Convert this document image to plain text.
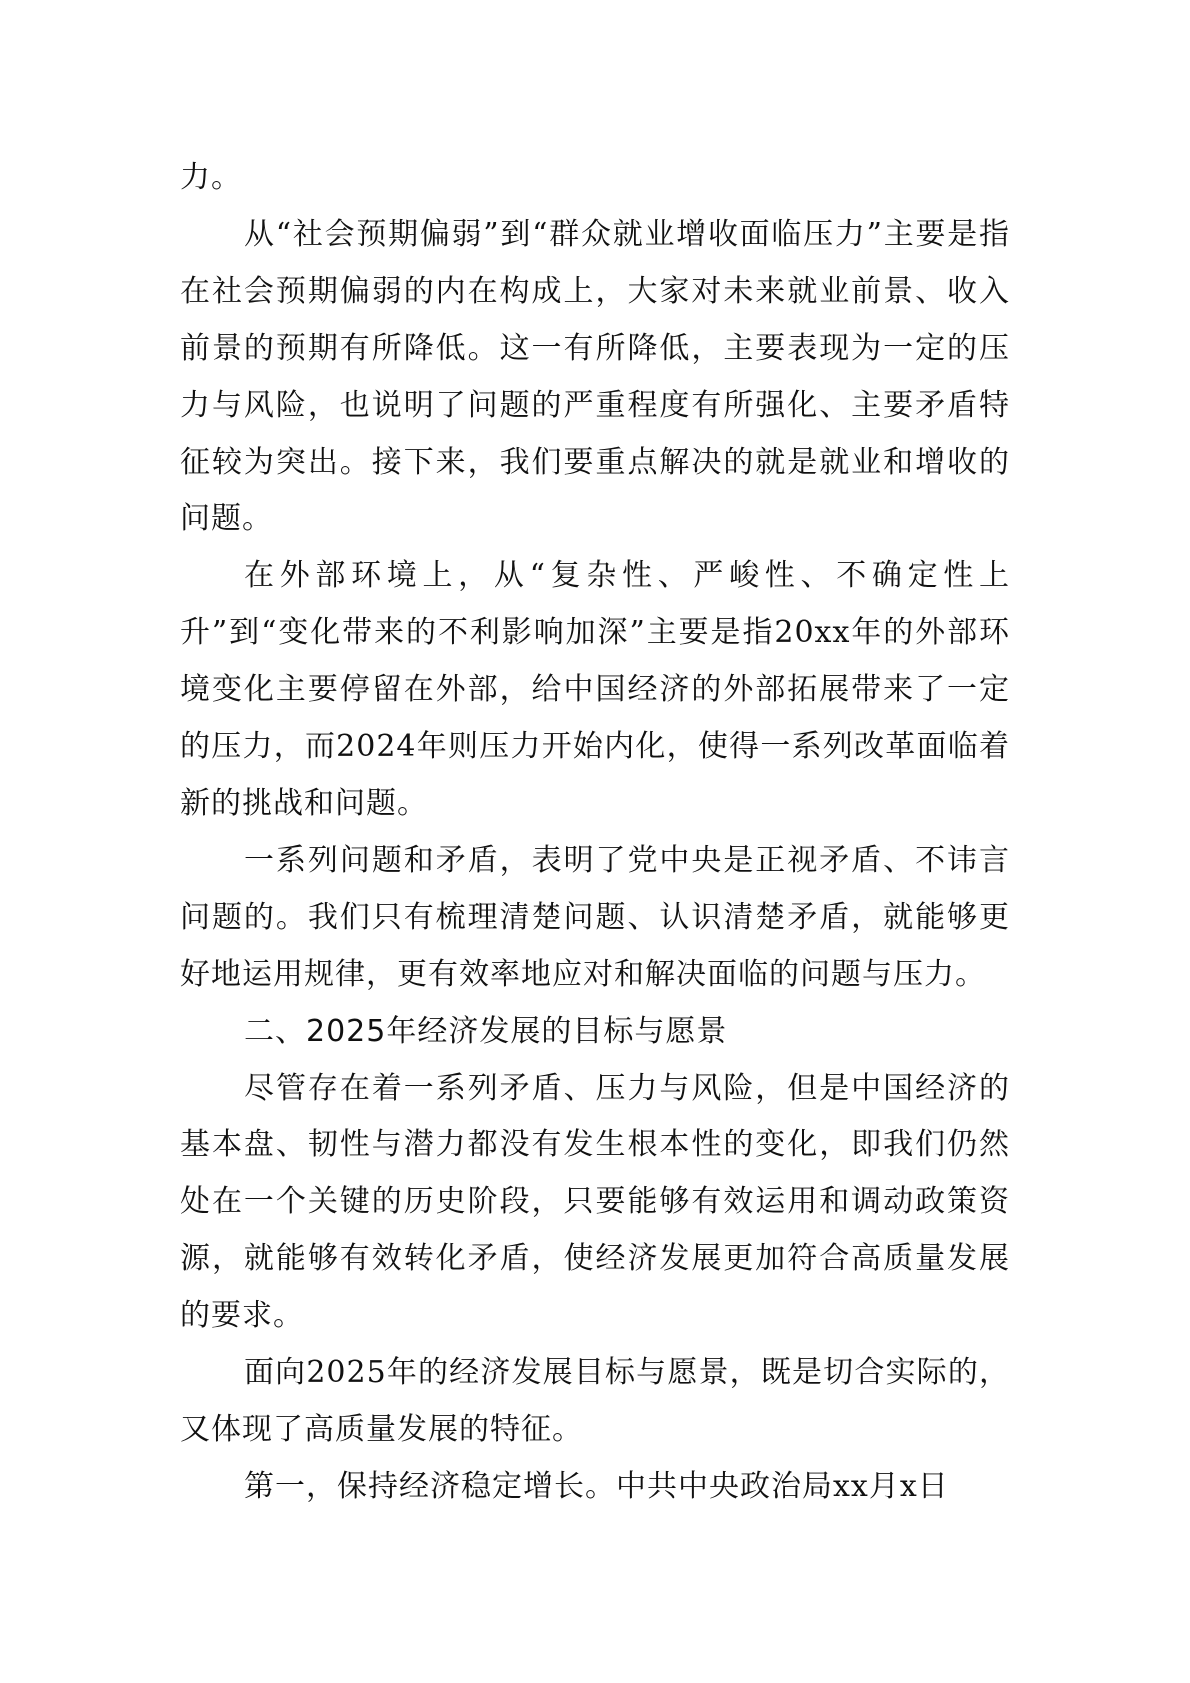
力。

从“社会预期偏弱”到“群众就业增收面临压力”主要是指在社会预期偏弱的内在构成上，大家对未来就业前景、收入前景的预期有所降低。这一有所降低，主要表现为一定的压力与风险，也说明了问题的严重程度有所强化、主要矛盾特征较为突出。接下来，我们要重点解决的就是就业和增收的问题。

在外部环境上，从“复杂性、严峻性、不确定性上升”到“变化带来的不利影响加深”主要是指20xx年的外部环境变化主要停留在外部，给中国经济的外部拓展带来了一定的压力，而2024年则压力开始内化，使得一系列改革面临着新的挑战和问题。

一系列问题和矛盾，表明了党中央是正视矛盾、不讳言问题的。我们只有梳理清楚问题、认识清楚矛盾，就能够更好地运用规律，更有效率地应对和解决面临的问题与压力。

二、2025年经济发展的目标与愿景

尽管存在着一系列矛盾、压力与风险，但是中国经济的基本盘、韧性与潜力都没有发生根本性的变化，即我们仍然处在一个关键的历史阶段，只要能够有效运用和调动政策资源，就能够有效转化矛盾，使经济发展更加符合高质量发展的要求。

面向2025年的经济发展目标与愿景，既是切合实际的，又体现了高质量发展的特征。

第一，保持经济稳定增长。中共中央政治局xx月x日
